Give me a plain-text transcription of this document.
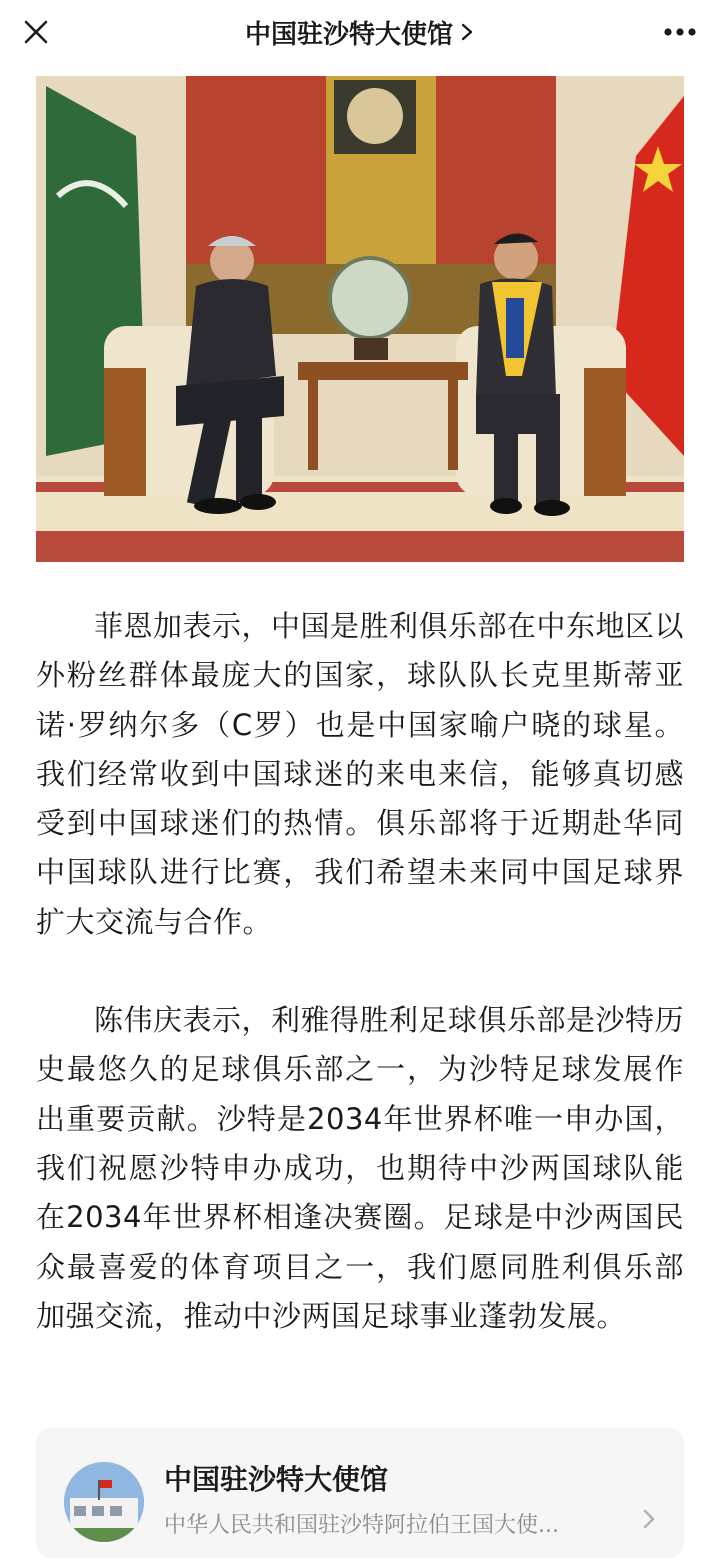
中国驻沙特大使馆

菲恩加表示，中国是胜利俱乐部在中东地区以外粉丝群体最庞大的国家，球队队长克里斯蒂亚诺·罗纳尔多（C罗）也是中国家喻户晓的球星。我们经常收到中国球迷的来电来信，能够真切感受到中国球迷们的热情。俱乐部将于近期赴华同中国球队进行比赛，我们希望未来同中国足球界扩大交流与合作。

陈伟庆表示，利雅得胜利足球俱乐部是沙特历史最悠久的足球俱乐部之一，为沙特足球发展作出重要贡献。沙特是2034年世界杯唯一申办国，我们祝愿沙特申办成功，也期待中沙两国球队能在2034年世界杯相逢决赛圈。足球是中沙两国民众最喜爱的体育项目之一，我们愿同胜利俱乐部加强交流，推动中沙两国足球事业蓬勃发展。

中国驻沙特大使馆
中华人民共和国驻沙特阿拉伯王国大使...
